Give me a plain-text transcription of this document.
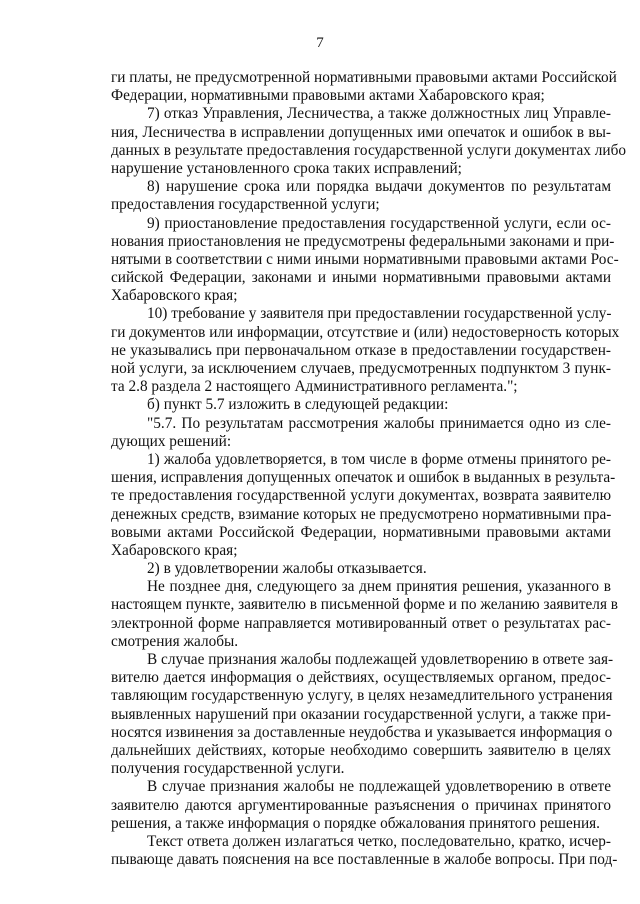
7
ги платы, не предусмотренной нормативными правовыми актами Российской
Федерации, нормативными правовыми актами Хабаровского края;
7) отказ Управления, Лесничества, а также должностных лиц Управле-
ния, Лесничества в исправлении допущенных ими опечаток и ошибок в вы-
данных в результате предоставления государственной услуги документах либо
нарушение установленного срока таких исправлений;
8) нарушение срока или порядка выдачи документов по результатам
предоставления государственной услуги;
9) приостановление предоставления государственной услуги, если ос-
нования приостановления не предусмотрены федеральными законами и при-
нятыми в соответствии с ними иными нормативными правовыми актами Рос-
сийской Федерации, законами и иными нормативными правовыми актами
Хабаровского края;
10) требование у заявителя при предоставлении государственной услу-
ги документов или информации, отсутствие и (или) недостоверность которых
не указывались при первоначальном отказе в предоставлении государствен-
ной услуги, за исключением случаев, предусмотренных подпунктом 3 пунк-
та 2.8 раздела 2 настоящего Административного регламента.";
б) пункт 5.7 изложить в следующей редакции:
"5.7. По результатам рассмотрения жалобы принимается одно из сле-
дующих решений:
1) жалоба удовлетворяется, в том числе в форме отмены принятого ре-
шения, исправления допущенных опечаток и ошибок в выданных в результа-
те предоставления государственной услуги документах, возврата заявителю
денежных средств, взимание которых не предусмотрено нормативными пра-
вовыми актами Российской Федерации, нормативными правовыми актами
Хабаровского края;
2) в удовлетворении жалобы отказывается.
Не позднее дня, следующего за днем принятия решения, указанного в
настоящем пункте, заявителю в письменной форме и по желанию заявителя в
электронной форме направляется мотивированный ответ о результатах рас-
смотрения жалобы.
В случае признания жалобы подлежащей удовлетворению в ответе зая-
вителю дается информация о действиях, осуществляемых органом, предос-
тавляющим государственную услугу, в целях незамедлительного устранения
выявленных нарушений при оказании государственной услуги, а также при-
носятся извинения за доставленные неудобства и указывается информация о
дальнейших действиях, которые необходимо совершить заявителю в целях
получения государственной услуги.
В случае признания жалобы не подлежащей удовлетворению в ответе
заявителю даются аргументированные разъяснения о причинах принятого
решения, а также информация о порядке обжалования принятого решения.
Текст ответа должен излагаться четко, последовательно, кратко, исчер-
пывающе давать пояснения на все поставленные в жалобе вопросы. При под-
